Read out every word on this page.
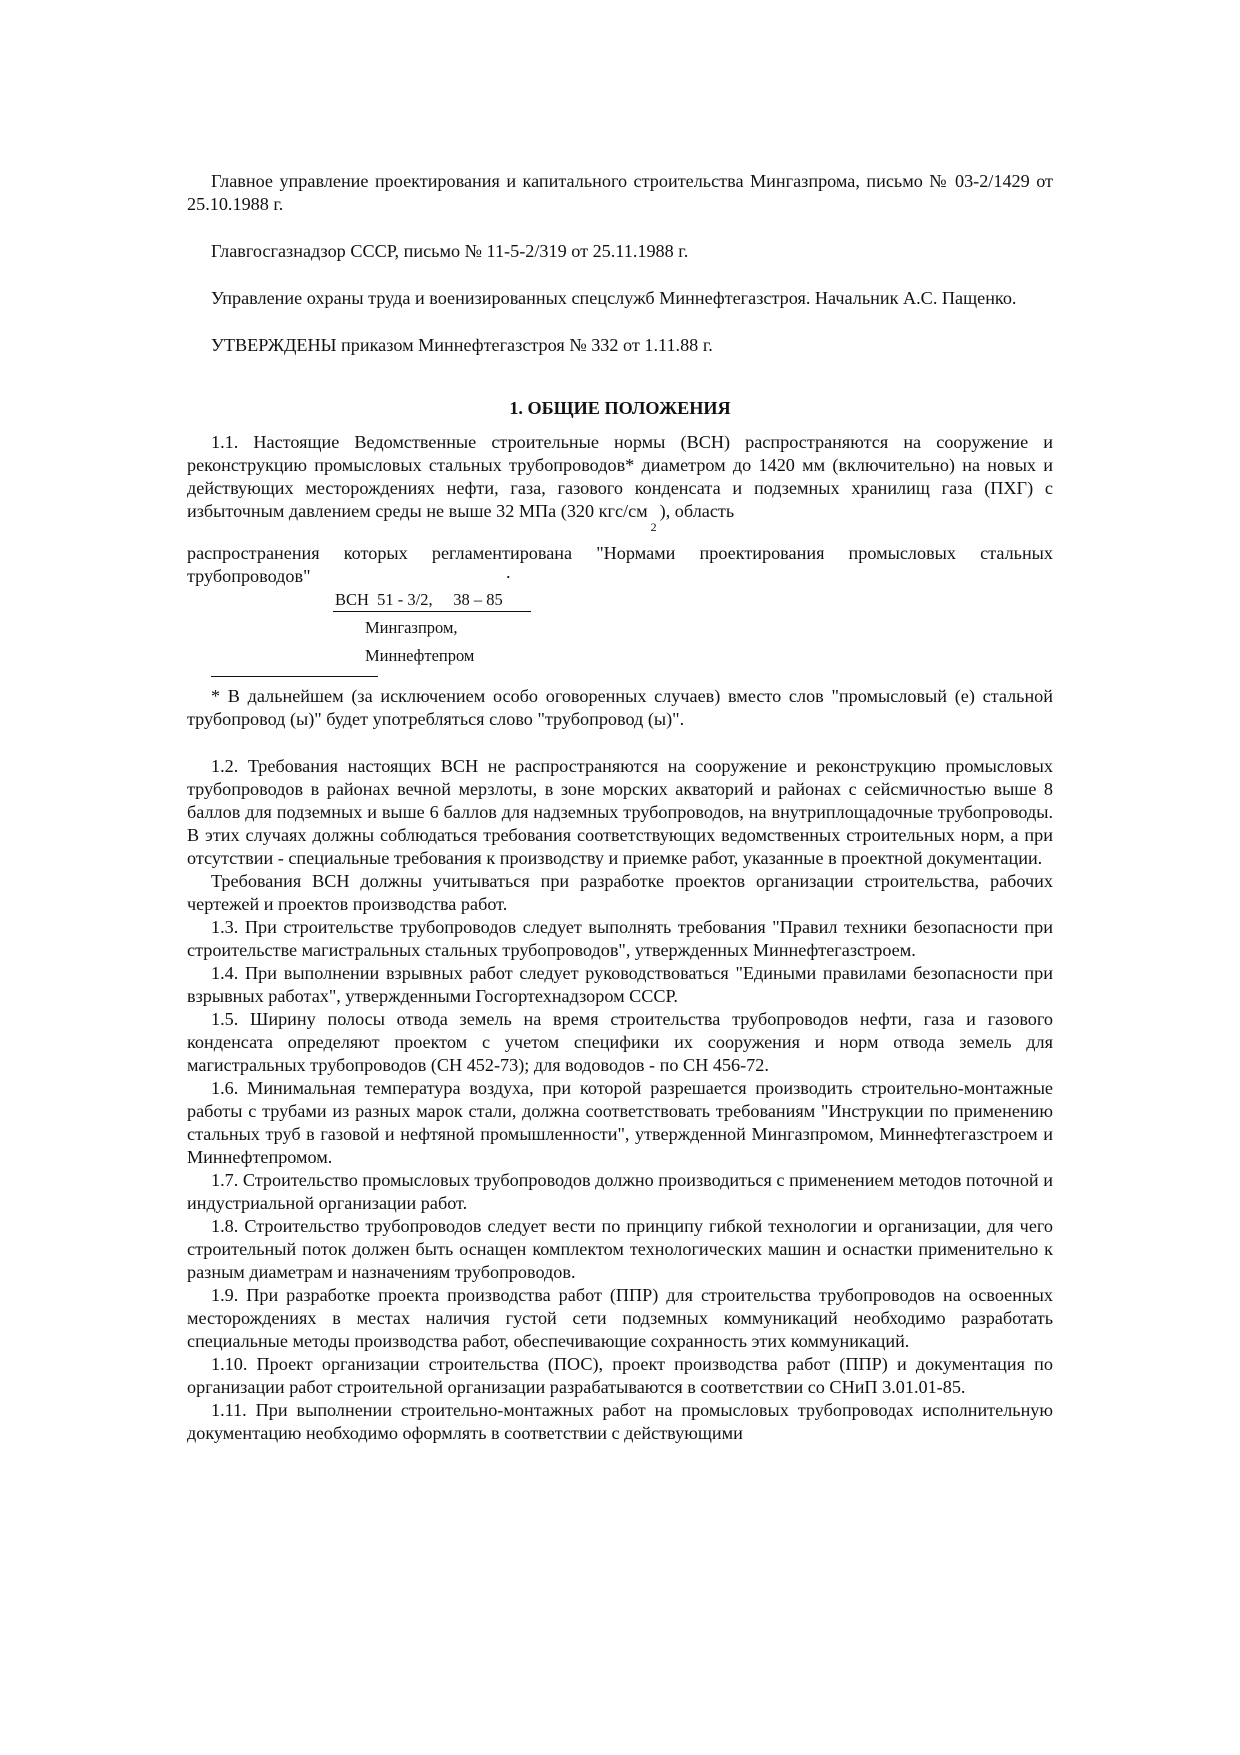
Главное управление проектирования и капитального строительства Мингазпрома, письмо № 03-2/1429 от 25.10.1988 г.

Главгосгазнадзор СССР, письмо № 11-5-2/319 от 25.11.1988 г.

Управление охраны труда и военизированных спецслужб Миннефтегазстроя. Начальник А.С. Пащенко.

УТВЕРЖДЕНЫ приказом Миннефтегазстроя № 332 от 1.11.88 г.

1. ОБЩИЕ ПОЛОЖЕНИЯ

1.1. Настоящие Ведомственные строительные нормы (ВСН) распространяются на сооружение и реконструкцию промысловых стальных трубопроводов* диаметром до 1420 мм (включительно) на новых и действующих месторождениях нефти, газа, газового конденсата и подземных хранилищ газа (ПХГ) с избыточным давлением среды не выше 32 МПа (320 кгс/$см_2$), область

распространения которых регламентирована "Нормами проектирования промысловых стальных трубопроводов"	.

ВСН  51 - 3/2,     38 – 85
Мингазпром,
Миннефтепром

* В дальнейшем (за исключением особо оговоренных случаев) вместо слов "промысловый (е) стальной трубопровод (ы)" будет употребляться слово "трубопровод (ы)".

1.2. Требования настоящих ВСН не распространяются на сооружение и реконструкцию промысловых трубопроводов в районах вечной мерзлоты, в зоне морских акваторий и районах с сейсмичностью выше 8 баллов для подземных и выше 6 баллов для надземных трубопроводов, на внутриплощадочные трубопроводы. В этих случаях должны соблюдаться требования соответствующих ведомственных строительных норм, а при отсутствии - специальные требования к производству и приемке работ, указанные в проектной документации.

Требования ВСН должны учитываться при разработке проектов организации строительства, рабочих чертежей и проектов производства работ.

1.3. При строительстве трубопроводов следует выполнять требования "Правил техники безопасности при строительстве магистральных стальных трубопроводов", утвержденных Миннефтегазстроем.

1.4. При выполнении взрывных работ следует руководствоваться "Едиными правилами безопасности при взрывных работах", утвержденными Госгортехнадзором СССР.

1.5. Ширину полосы отвода земель на время строительства трубопроводов нефти, газа и газового конденсата определяют проектом с учетом специфики их сооружения и норм отвода земель для магистральных трубопроводов (СН 452-73); для водоводов - по СН 456-72.

1.6. Минимальная температура воздуха, при которой разрешается производить строительно-монтажные работы с трубами из разных марок стали, должна соответствовать требованиям "Инструкции по применению стальных труб в газовой и нефтяной промышленности", утвержденной Мингазпромом, Миннефтегазстроем и Миннефтепромом.

1.7. Строительство промысловых трубопроводов должно производиться с применением методов поточной и индустриальной организации работ.

1.8. Строительство трубопроводов следует вести по принципу гибкой технологии и организации, для чего строительный поток должен быть оснащен комплектом технологических машин и оснастки применительно к разным диаметрам и назначениям трубопроводов.

1.9. При разработке проекта производства работ (ППР) для строительства трубопроводов на освоенных месторождениях в местах наличия густой сети подземных коммуникаций необходимо разработать специальные методы производства работ, обеспечивающие сохранность этих коммуникаций.

1.10. Проект организации строительства (ПОС), проект производства работ (ППР) и документация по организации работ строительной организации разрабатываются в соответствии со СНиП 3.01.01-85.

1.11. При выполнении строительно-монтажных работ на промысловых трубопроводах исполнительную документацию необходимо оформлять в соответствии с действующими
